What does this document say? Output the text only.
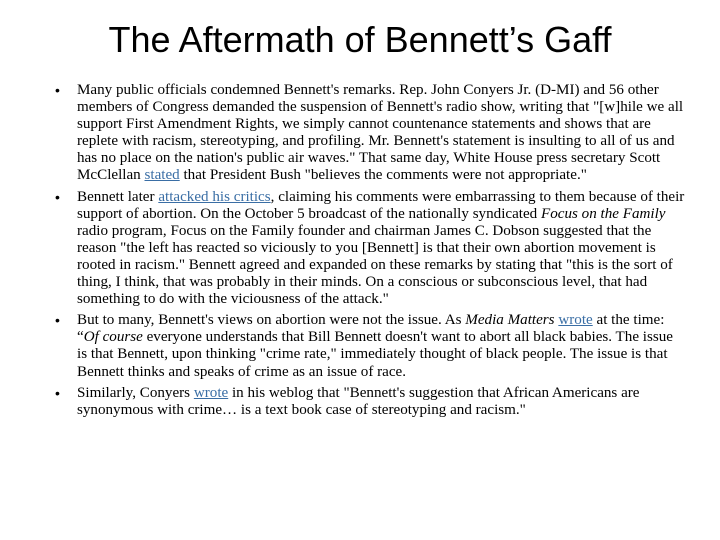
The Aftermath of Bennett’s Gaff
• Many public officials condemned Bennett's remarks. Rep. John Conyers Jr. (D-MI) and 56 other members of Congress demanded the suspension of Bennett's radio show, writing that "[w]hile we all support First Amendment Rights, we simply cannot countenance statements and shows that are replete with racism, stereotyping, and profiling. Mr. Bennett's statement is insulting to all of us and has no place on the nation's public air waves." That same day, White House press secretary Scott McClellan stated that President Bush "believes the comments were not appropriate."
• Bennett later attacked his critics, claiming his comments were embarrassing to them because of their support of abortion. On the October 5 broadcast of the nationally syndicated Focus on the Family radio program, Focus on the Family founder and chairman James C. Dobson suggested that the reason "the left has reacted so viciously to you [Bennett] is that their own abortion movement is rooted in racism." Bennett agreed and expanded on these remarks by stating that "this is the sort of thing, I think, that was probably in their minds. On a conscious or subconscious level, that had something to do with the viciousness of the attack."
• But to many, Bennett's views on abortion were not the issue. As Media Matters wrote at the time: “Of course everyone understands that Bill Bennett doesn't want to abort all black babies. The issue is that Bennett, upon thinking "crime rate," immediately thought of black people. The issue is that Bennett thinks and speaks of crime as an issue of race.
• Similarly, Conyers wrote in his weblog that "Bennett's suggestion that African Americans are synonymous with crime… is a text book case of stereotyping and racism."
